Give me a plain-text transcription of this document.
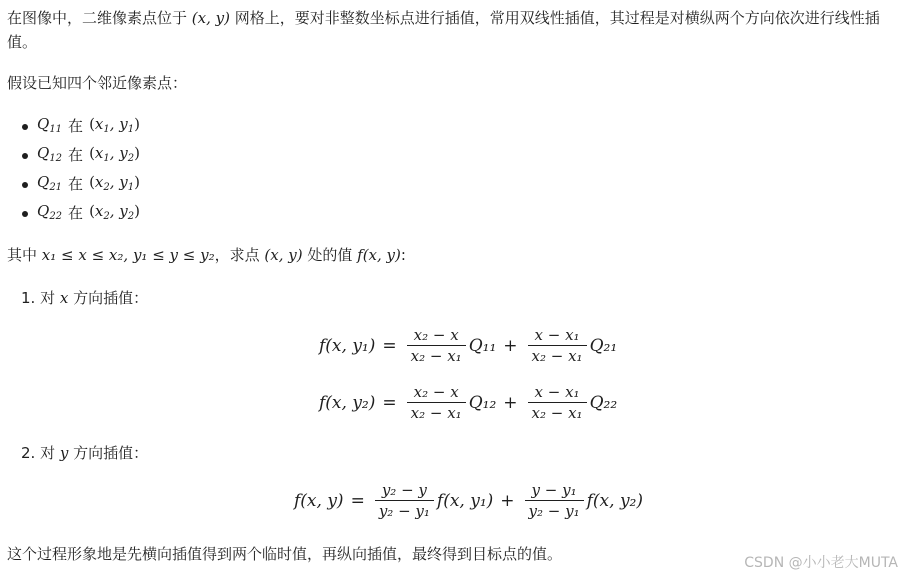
在图像中，二维像素点位于 (x, y) 网格上，要对非整数坐标点进行插值，常用双线性插值，其过程是对横纵两个方向依次进行线性插值。

假设已知四个邻近像素点：

$Q_{11}$ 在 ($x_1$, $y_1$)
$Q_{12}$ 在 ($x_1$, $y_2$)
$Q_{21}$ 在 ($x_2$, $y_1$)
$Q_{22}$ 在 ($x_2$, $y_2$)

其中 x₁ ≤ x ≤ x₂, y₁ ≤ y ≤ y₂，求点 (x, y) 处的值 f(x, y):

1. 对 x 方向插值：
f(x, $y_1) = \frac{\text{x₂ − x}}{\text{x₂ − x₁}} Q_{11} + \frac{\text{x − x₁}}{\text{x₂ − x₁}} Q_{21}$
f(x, $y_2) = \frac{\text{x₂ − x}}{\text{x₂ − x₁}} Q_{12} + \frac{\text{x − x₁}}{\text{x₂ − x₁}} Q_{22}$
2. 对 y 方向插值：
f(x, $y) = \frac{\text{y₂ − y}}{\text{y₂ − y₁}} f(x$, $y_1) + \frac{\text{y − y₁}}{\text{y₂ − y₁}} f(x$, y₂)

这个过程形象地是先横向插值得到两个临时值，再纵向插值，最终得到目标点的值。	CSDN @小小老大MUTA
